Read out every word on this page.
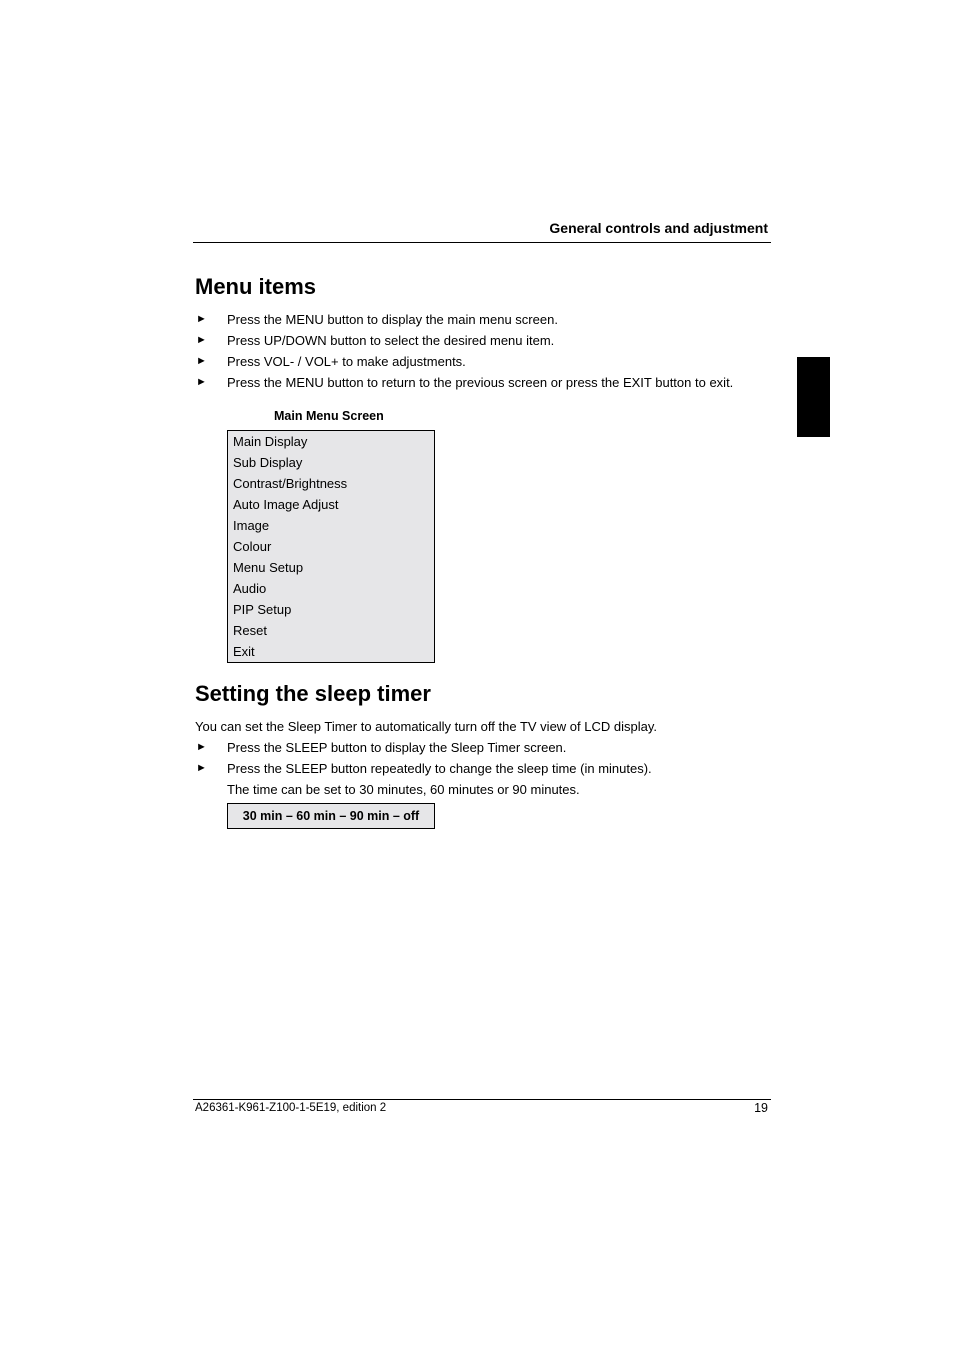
General controls and adjustment
Menu items
► Press the MENU button to display the main menu screen.
► Press UP/DOWN button to select the desired menu item.
► Press VOL- / VOL+ to make adjustments.
► Press the MENU button to return to the previous screen or press the EXIT button to exit.
Main Menu Screen
Main Display
Sub Display
Contrast/Brightness
Auto Image Adjust
Image
Colour
Menu Setup
Audio
PIP Setup
Reset
Exit
Setting the sleep timer
You can set the Sleep Timer to automatically turn off the TV view of LCD display.
► Press the SLEEP button to display the Sleep Timer screen.
► Press the SLEEP button repeatedly to change the sleep time (in minutes).
The time can be set to 30 minutes, 60 minutes or 90 minutes.
30 min – 60 min – 90 min – off
A26361-K961-Z100-1-5E19, edition 2	19
